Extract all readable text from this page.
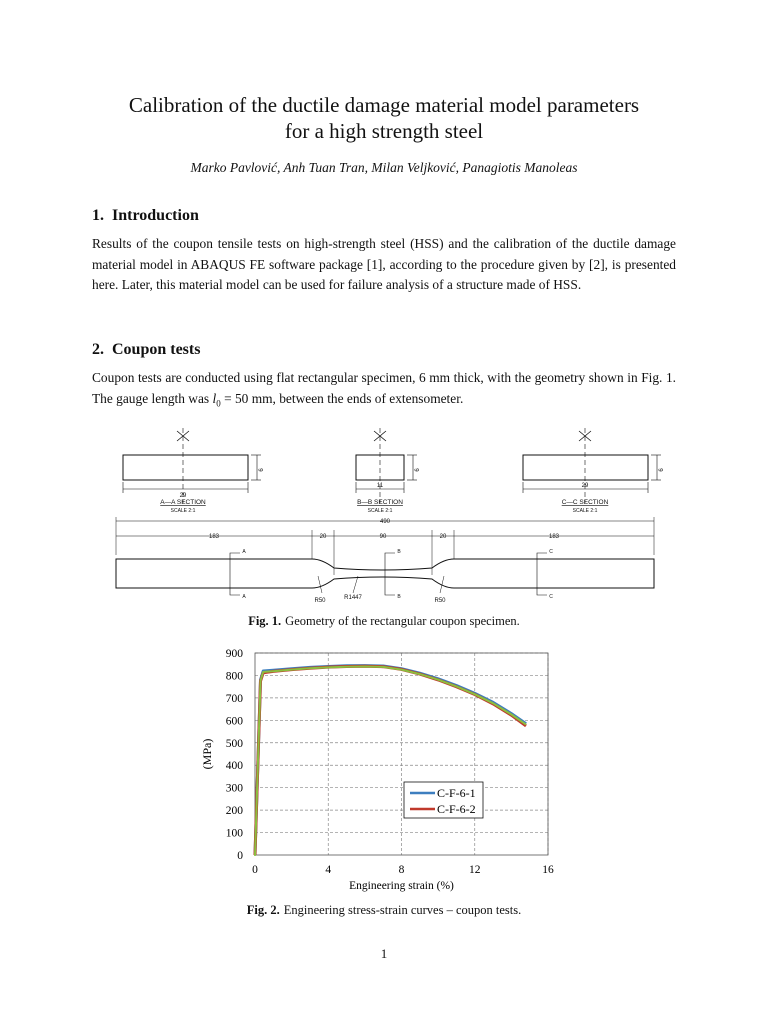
Calibration of the ductile damage material model parameters
for a high strength steel
Marko Pavlović, Anh Tuan Tran, Milan Veljković, Panagiotis Manoleas
1. Introduction
Results of the coupon tensile tests on high-strength steel (HSS) and the calibration of the ductile damage material model in ABAQUS FE software package [1], according to the procedure given by [2], is presented here. Later, this material model can be used for failure analysis of a structure made of HSS.
2. Coupon tests
Coupon tests are conducted using flat rectangular specimen, 6 mm thick, with the geometry shown in Fig. 1. The gauge length was $l_0 = 50$ mm, between the ends of extensometer.
29
6
A—A SECTION
SCALE 2:1
11
6
B—B SECTION
SCALE 2:1
29
6
C—C SECTION
SCALE 2:1
490
183	20	90	20	183
R50	R1447	R50
A
A
B
B
C
C
Fig. 1. Geometry of the rectangular coupon specimen.
0
100
200
300
400
500
600
700
800
900
0	4	8	12	16
(MPa)
Engineering strain (%)
C-F-6-1
C-F-6-2
Fig. 2. Engineering stress-strain curves – coupon tests.
1
